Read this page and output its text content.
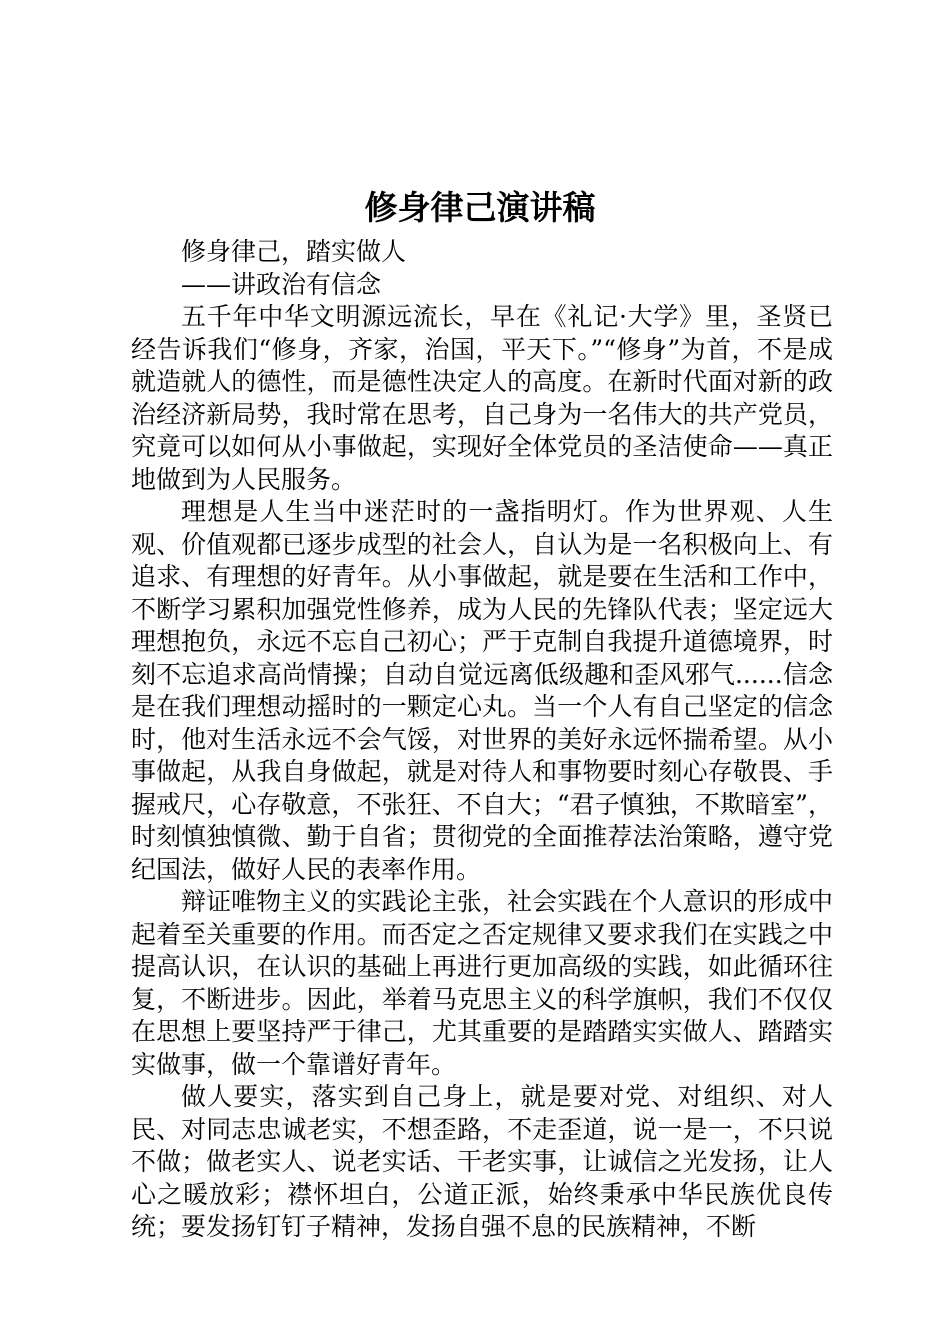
修身律己演讲稿

修身律己，踏实做人

——讲政治有信念

五千年中华文明源远流长，早在《礼记·大学》里，圣贤已经告诉我们“修身，齐家，治国，平天下。”“修身”为首，不是成就造就人的德性，而是德性决定人的高度。在新时代面对新的政治经济新局势，我时常在思考，自己身为一名伟大的共产党员，究竟可以如何从小事做起，实现好全体党员的圣洁使命——真正地做到为人民服务。

理想是人生当中迷茫时的一盏指明灯。作为世界观、人生观、价值观都已逐步成型的社会人，自认为是一名积极向上、有追求、有理想的好青年。从小事做起，就是要在生活和工作中，不断学习累积加强党性修养，成为人民的先锋队代表；坚定远大理想抱负，永远不忘自己初心；严于克制自我提升道德境界，时刻不忘追求高尚情操；自动自觉远离低级趣和歪风邪气......信念是在我们理想动摇时的一颗定心丸。当一个人有自己坚定的信念时，他对生活永远不会气馁，对世界的美好永远怀揣希望。从小事做起，从我自身做起，就是对待人和事物要时刻心存敬畏、手握戒尺，心存敬意，不张狂、不自大；“君子慎独，不欺暗室”，时刻慎独慎微、勤于自省；贯彻党的全面推荐法治策略，遵守党纪国法，做好人民的表率作用。

辩证唯物主义的实践论主张，社会实践在个人意识的形成中起着至关重要的作用。而否定之否定规律又要求我们在实践之中提高认识，在认识的基础上再进行更加高级的实践，如此循环往复，不断进步。因此，举着马克思主义的科学旗帜，我们不仅仅在思想上要坚持严于律己，尤其重要的是踏踏实实做人、踏踏实实做事，做一个靠谱好青年。

做人要实，落实到自己身上，就是要对党、对组织、对人民、对同志忠诚老实，不想歪路，不走歪道，说一是一，不只说不做；做老实人、说老实话、干老实事，让诚信之光发扬，让人心之暖放彩；襟怀坦白，公道正派，始终秉承中华民族优良传统；要发扬钉钉子精神，发扬自强不息的民族精神，不断
